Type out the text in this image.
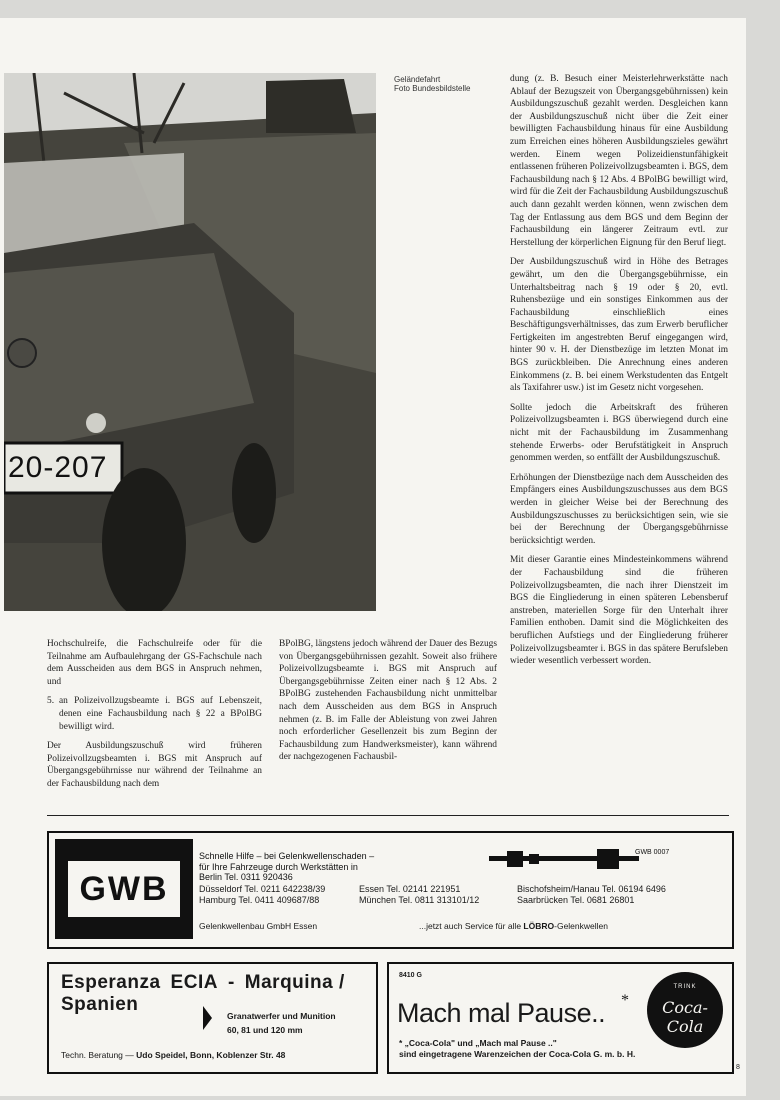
20-207
Geländefahrt
Foto Bundesbildstelle

dung (z. B. Besuch einer Meisterlehrwerkstätte nach Ablauf der Bezugszeit von Übergangsgebührnissen) kein Ausbildungszuschuß gezahlt werden. Desgleichen kann der Ausbildungszuschuß nicht über die Zeit einer bewilligten Fachausbildung hinaus für eine Ausbildung zum Erreichen eines höheren Ausbildungszieles gewährt werden. Einem wegen Polizeidienstunfähigkeit entlassenen früheren Polizeivollzugsbeamten i. BGS, dem Fachausbildung nach § 12 Abs. 4 BPolBG bewilligt wird, wird für die Zeit der Fachausbildung Ausbildungszuschuß auch dann gezahlt werden können, wenn zwischen dem Tag der Entlassung aus dem BGS und dem Beginn der Fachausbildung ein längerer Zeitraum evtl. zur Herstellung der körperlichen Eignung für den Beruf liegt.

Der Ausbildungszuschuß wird in Höhe des Betrages gewährt, um den die Übergangsgebührnisse, ein Unterhaltsbeitrag nach § 19 oder § 20, evtl. Ruhensbezüge und ein sonstiges Einkommen aus der Fachausbildung einschließlich eines Beschäftigungsverhältnisses, das zum Erwerb beruflicher Fertigkeiten im angestrebten Beruf eingegangen wird, hinter 90 v. H. der Dienstbezüge im letzten Monat im BGS zurückbleiben. Die Anrechnung eines anderen Einkommens (z. B. bei einem Werkstudenten das Entgelt als Taxifahrer usw.) ist im Gesetz nicht vorgesehen.

Sollte jedoch die Arbeitskraft des früheren Polizeivollzugsbeamten i. BGS überwiegend durch eine nicht mit der Fachausbildung im Zusammenhang stehende Erwerbs- oder Berufstätigkeit in Anspruch genommen werden, so entfällt der Ausbildungszuschuß.

Erhöhungen der Dienstbezüge nach dem Ausscheiden des Empfängers eines Ausbildungszuschusses aus dem BGS werden in gleicher Weise bei der Berechnung des Ausbildungszuschusses zu berücksichtigen sein, wie sie bei der Berechnung der Übergangsgebührnisse berücksichtigt werden.

Mit dieser Garantie eines Mindesteinkommens während der Fachausbildung sind die früheren Polizeivollzugsbeamten, die nach ihrer Dienstzeit im BGS die Eingliederung in einen späteren Lebensberuf anstreben, materiellen Sorge für den Unterhalt ihrer Familien enthoben. Damit sind die Möglichkeiten des beruflichen Aufstiegs und der Eingliederung früherer Polizeivollzugsbeamter i. BGS in das spätere Berufsleben wieder wesentlich verbessert worden.

Hochschulreife, die Fachschulreife oder für die Teilnahme am Aufbaulehrgang der GS-Fachschule nach dem Ausscheiden aus dem BGS in Anspruch nehmen, und

5. an Polizeivollzugsbeamte i. BGS auf Lebenszeit, denen eine Fachausbildung nach § 22 a BPolBG bewilligt wird.

Der Ausbildungszuschuß wird früheren Polizeivollzugsbeamten i. BGS mit Anspruch auf Übergangsgebührnisse nur während der Teilnahme an der Fachausbildung nach dem

BPolBG, längstens jedoch während der Dauer des Bezugs von Übergangsgebührnissen gezahlt. Soweit also frühere Polizeivollzugsbeamte i. BGS mit Anspruch auf Übergangsgebührnisse Zeiten einer nach § 12 Abs. 2 BPolBG zustehenden Fachausbildung nicht unmittelbar nach dem Ausscheiden aus dem BGS in Anspruch nehmen (z. B. im Falle der Ableistung von zwei Jahren noch erforderlicher Gesellenzeit bis zum Beginn der Fachausbildung zum Handwerksmeister), kann während der nachgezogenen Fachausbil-

GWB
Schnelle Hilfe – bei Gelenkwellenschaden –
für Ihre Fahrzeuge durch Werkstätten in
Berlin Tel. 0311 920436
GWB 0007
Düsseldorf Tel. 0211 642238/39	Essen Tel. 02141 221951	Bischofsheim/Hanau Tel. 06194 6496
Hamburg Tel. 0411 409687/88	München Tel. 0811 313101/12	Saarbrücken Tel. 0681 26801
Gelenkwellenbau GmbH Essen	...jetzt auch Service für alle LÖBRO-Gelenkwellen
Esperanza ECIA - Marquina / Spanien
Granatwerfer und Munition
60, 81 und 120 mm
Techn. Beratung — Udo Speidel, Bonn, Koblenzer Str. 48
8410 G
Mach mal Pause.. *
TRINK
Coca-Cola
* „Coca-Cola" und „Mach mal Pause .."
sind eingetragene Warenzeichen der Coca-Cola G. m. b. H.
8
